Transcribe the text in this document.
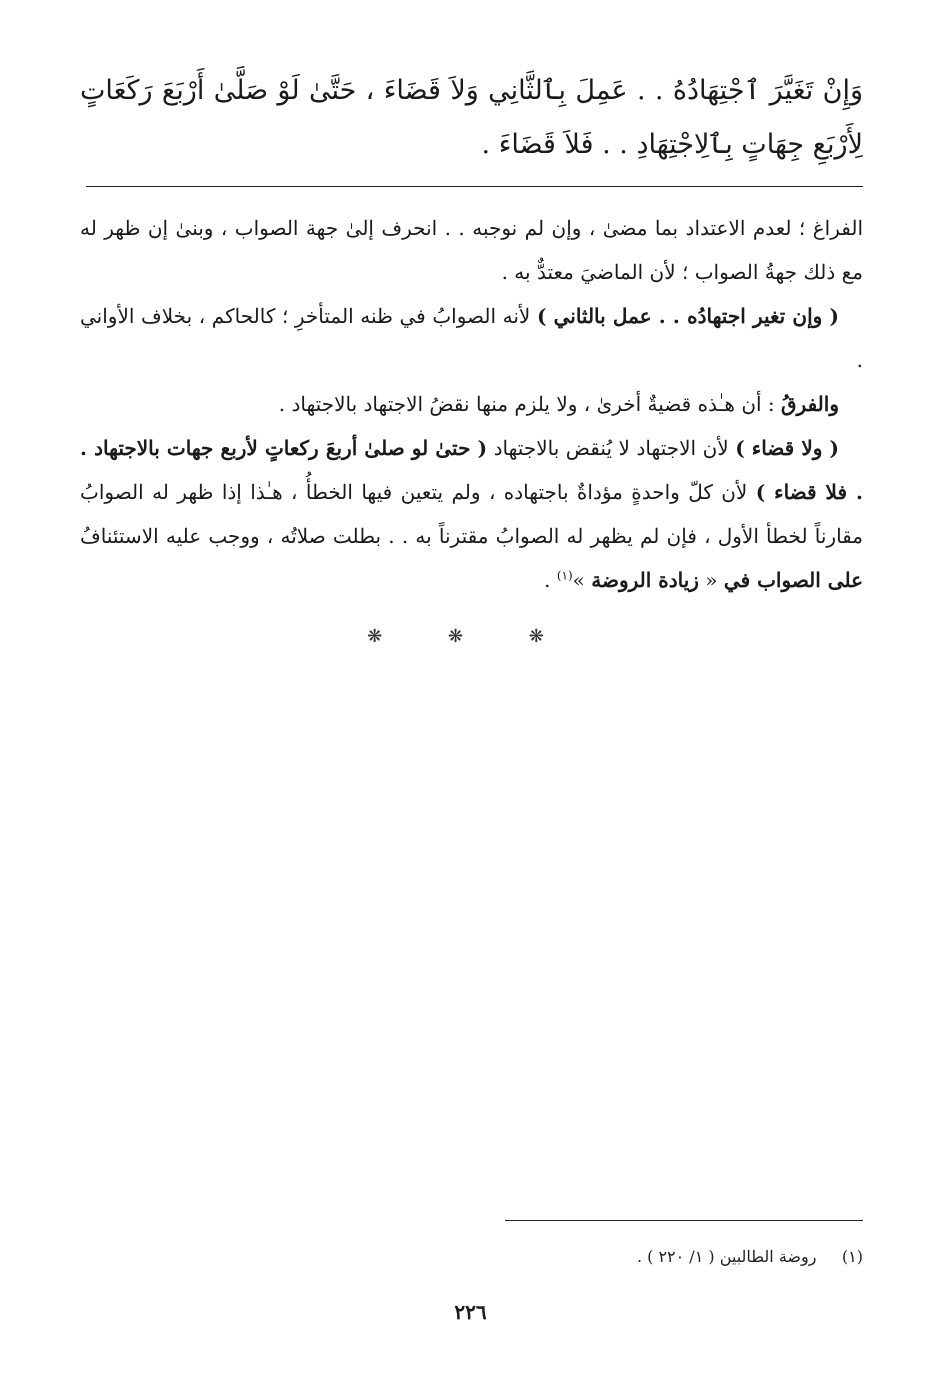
وَإِنْ تَغَيَّرَ ٱجْتِهَادُهُ . . عَمِلَ بِٱلثَّانِي وَلاَ قَضَاءَ ، حَتَّىٰ لَوْ صَلَّىٰ أَرْبَعَ رَكَعَاتٍ لِأَرْبَعِ جِهَاتٍ بِٱلِاجْتِهَادِ . . فَلاَ قَضَاءَ .

الفراغ ؛ لعدم الاعتداد بما مضىٰ ، وإن لم نوجبه . . انحرف إلىٰ جهة الصواب ، وبنىٰ إن ظهر له مع ذلك جهةُ الصواب ؛ لأن الماضيَ معتدٌّ به .

( وإن تغير اجتهادُه . . عمل بالثاني ) لأنه الصوابُ في ظنه المتأخرِ ؛ كالحاكم ، بخلاف الأواني .

والفرقُ : أن هـٰذه قضيةٌ أخرىٰ ، ولا يلزم منها نقضُ الاجتهاد بالاجتهاد .

( ولا قضاء ) لأن الاجتهاد لا يُنقض بالاجتهاد ( حتىٰ لو صلىٰ أربعَ ركعاتٍ لأربع جهات بالاجتهاد . . فلا قضاء ) لأن كلّ واحدةٍ مؤداةٌ باجتهاده ، ولم يتعين فيها الخطأُ ، هـٰذا إذا ظهر له الصوابُ مقارناً لخطأ الأول ، فإن لم يظهر له الصوابُ مقترناً به . . بطلت صلاتُه ، ووجب عليه الاستئنافُ على الصواب في « زيادة الروضة »$^{(١)}$ .

❋ ❋ ❋
(١)     روضة الطالبين ( ١/ ٢٢٠ ) .
٢٢٦
